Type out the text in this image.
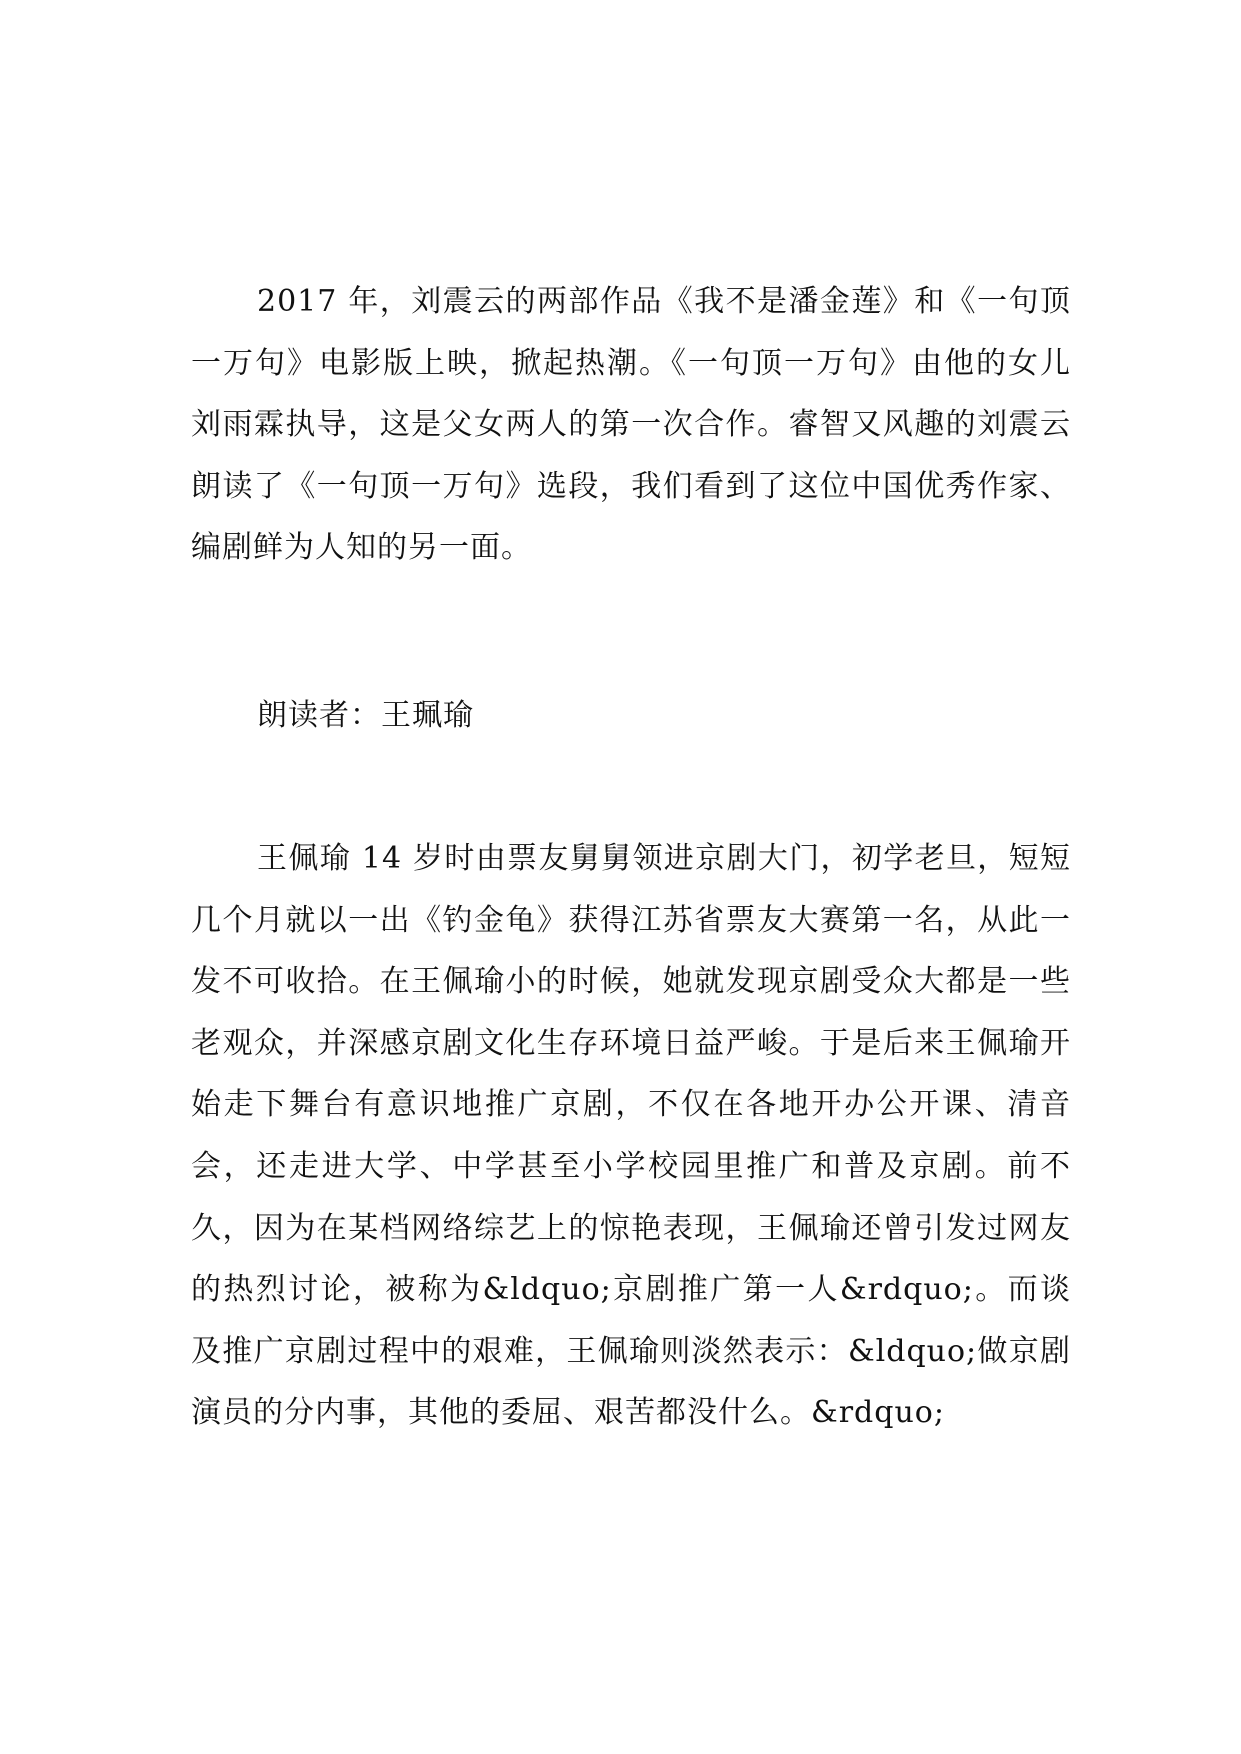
2017 年，刘震云的两部作品《我不是潘金莲》和《一句顶一万句》电影版上映，掀起热潮。《一句顶一万句》由他的女儿刘雨霖执导，这是父女两人的第一次合作。睿智又风趣的刘震云朗读了《一句顶一万句》选段，我们看到了这位中国优秀作家、编剧鲜为人知的另一面。

朗读者：王珮瑜

王佩瑜 14 岁时由票友舅舅领进京剧大门，初学老旦，短短几个月就以一出《钓金龟》获得江苏省票友大赛第一名，从此一发不可收拾。在王佩瑜小的时候，她就发现京剧受众大都是一些老观众，并深感京剧文化生存环境日益严峻。于是后来王佩瑜开始走下舞台有意识地推广京剧，不仅在各地开办公开课、清音会，还走进大学、中学甚至小学校园里推广和普及京剧。前不久，因为在某档网络综艺上的惊艳表现，王佩瑜还曾引发过网友的热烈讨论，被称为&ldquo;京剧推广第一人&rdquo;。而谈及推广京剧过程中的艰难，王佩瑜则淡然表示：&ldquo;做京剧演员的分内事，其他的委屈、艰苦都没什么。&rdquo;
